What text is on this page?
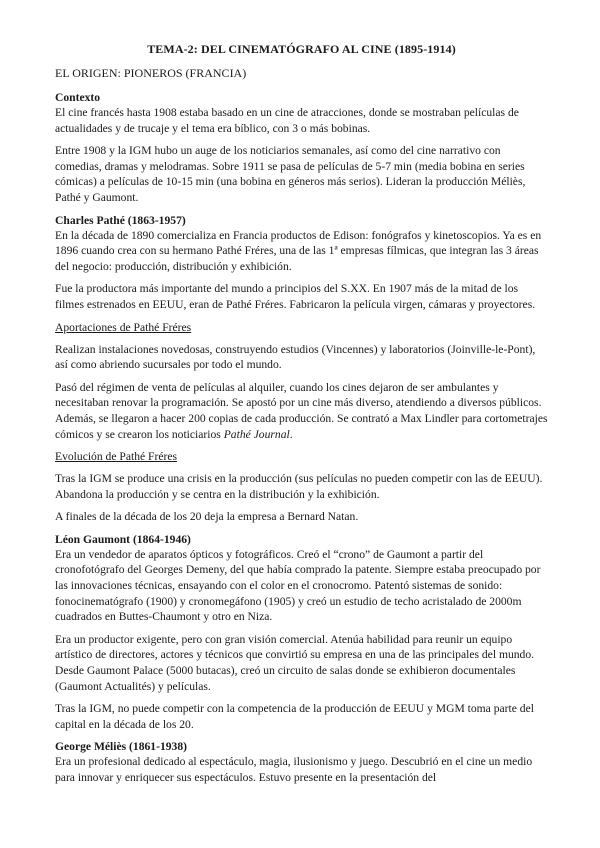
TEMA-2: DEL CINEMATÓGRAFO AL CINE (1895-1914)
EL ORIGEN: PIONEROS (FRANCIA)
Contexto

El cine francés hasta 1908 estaba basado en un cine de atracciones, donde se mostraban películas de actualidades y de trucaje y el tema era bíblico, con 3 o más bobinas.

Entre 1908 y la IGM hubo un auge de los noticiarios semanales, así como del cine narrativo con comedias, dramas y melodramas. Sobre 1911 se pasa de películas de 5-7 min (media bobina en series cómicas) a películas de 10-15 min (una bobina en géneros más serios). Lideran la producción Méliès, Pathé y Gaumont.

Charles Pathé (1863-1957)

En la década de 1890 comercializa en Francia productos de Edison: fonógrafos y kinetoscopios. Ya es en 1896 cuando crea con su hermano Pathé Fréres, una de las 1ª empresas fílmicas, que integran las 3 áreas del negocio: producción, distribución y exhibición.

Fue la productora más importante del mundo a principios del S.XX. En 1907 más de la mitad de los filmes estrenados en EEUU, eran de Pathé Fréres. Fabricaron la película virgen, cámaras y proyectores.

Aportaciones de Pathé Fréres

Realizan instalaciones novedosas, construyendo estudios (Vincennes) y laboratorios (Joinville-le-Pont), así como abriendo sucursales por todo el mundo.

Pasó del régimen de venta de películas al alquiler, cuando los cines dejaron de ser ambulantes y necesitaban renovar la programación. Se apostó por un cine más diverso, atendiendo a diversos públicos. Además, se llegaron a hacer 200 copias de cada producción. Se contrató a Max Lindler para cortometrajes cómicos y se crearon los noticiarios Pathé Journal.

Evolución de Pathé Fréres

Tras la IGM se produce una crisis en la producción (sus películas no pueden competir con las de EEUU). Abandona la producción y se centra en la distribución y la exhibición.

A finales de la década de los 20 deja la empresa a Bernard Natan.

Léon Gaumont (1864-1946)

Era un vendedor de aparatos ópticos y fotográficos. Creó el “crono” de Gaumont a partir del cronofotógrafo del Georges Demeny, del que había comprado la patente. Siempre estaba preocupado por las innovaciones técnicas, ensayando con el color en el cronocromo. Patentó sistemas de sonido: fonocinematógrafo (1900) y cronomegáfono (1905) y creó un estudio de techo acristalado de 2000m cuadrados en Buttes-Chaumont y otro en Niza.

Era un productor exigente, pero con gran visión comercial. Atenúa habilidad para reunir un equipo artístico de directores, actores y técnicos que convirtió su empresa en una de las principales del mundo. Desde Gaumont Palace (5000 butacas), creó un circuito de salas donde se exhibieron documentales (Gaumont Actualités) y películas.

Tras la IGM, no puede competir con la competencia de la producción de EEUU y MGM toma parte del capital en la década de los 20.

George Méliès (1861-1938)

Era un profesional dedicado al espectáculo, magia, ilusionismo y juego. Descubrió en el cine un medio para innovar y enriquecer sus espectáculos. Estuvo presente en la presentación del
